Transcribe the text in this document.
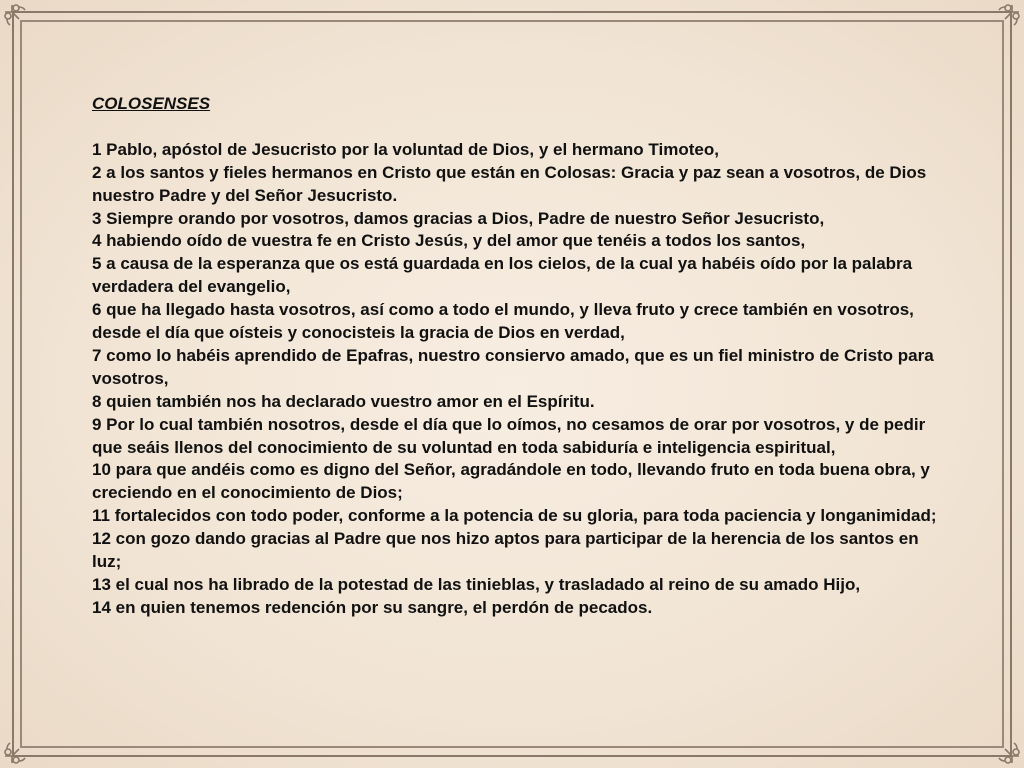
COLOSENSES

1 Pablo, apóstol de Jesucristo por la voluntad de Dios, y el hermano Timoteo,

2 a los santos y fieles hermanos en Cristo que están en Colosas: Gracia y paz sean a vosotros, de Dios nuestro Padre y del Señor Jesucristo.

3 Siempre orando por vosotros, damos gracias a Dios, Padre de nuestro Señor Jesucristo,

4 habiendo oído de vuestra fe en Cristo Jesús, y del amor que tenéis a todos los santos,

5 a causa de la esperanza que os está guardada en los cielos, de la cual ya habéis oído por la palabra verdadera del evangelio,

6 que ha llegado hasta vosotros, así como a todo el mundo, y lleva fruto y crece también en vosotros, desde el día que oísteis y conocisteis la gracia de Dios en verdad,

7 como lo habéis aprendido de Epafras, nuestro consiervo amado, que es un fiel ministro de Cristo para vosotros,

8 quien también nos ha declarado vuestro amor en el Espíritu.

9 Por lo cual también nosotros, desde el día que lo oímos, no cesamos de orar por vosotros, y de pedir que seáis llenos del conocimiento de su voluntad en toda sabiduría e inteligencia espiritual,

10 para que andéis como es digno del Señor, agradándole en todo, llevando fruto en toda buena obra, y creciendo en el conocimiento de Dios;

11 fortalecidos con todo poder, conforme a la potencia de su gloria, para toda paciencia y longanimidad;

12 con gozo dando gracias al Padre que nos hizo aptos para participar de la herencia de los santos en luz;

13 el cual nos ha librado de la potestad de las tinieblas, y trasladado al reino de su amado Hijo,

14 en quien tenemos redención por su sangre, el perdón de pecados.
